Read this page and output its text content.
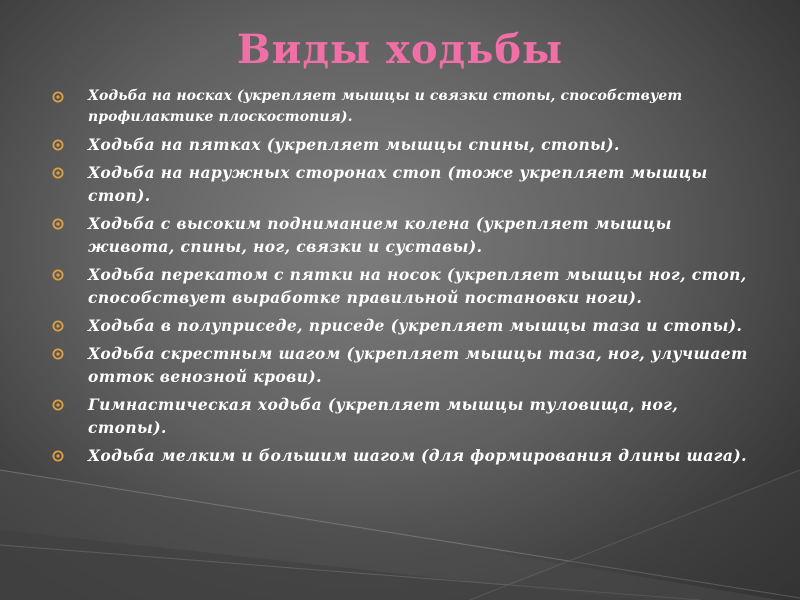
Виды ходьбы
Ходьба на носках (укрепляет мышцы и связки стопы, способствует профилактике плоскостопия).
Ходьба на пятках (укрепляет мышцы спины, стопы).
Ходьба на наружных сторонах стоп (тоже укрепляет мышцы стоп).
Ходьба с высоким подниманием колена (укрепляет мышцы живота, спины, ног, связки и суставы).
Ходьба перекатом с пятки на носок (укрепляет мышцы ног, стоп, способствует выработке правильной постановки ноги).
Ходьба в полуприседе, приседе (укрепляет мышцы таза и стопы).
Ходьба скрестным шагом (укрепляет мышцы таза, ног, улучшает отток венозной крови).
Гимнастическая ходьба (укрепляет мышцы туловища, ног, стопы).
Ходьба мелким и большим шагом (для формирования длины шага).
